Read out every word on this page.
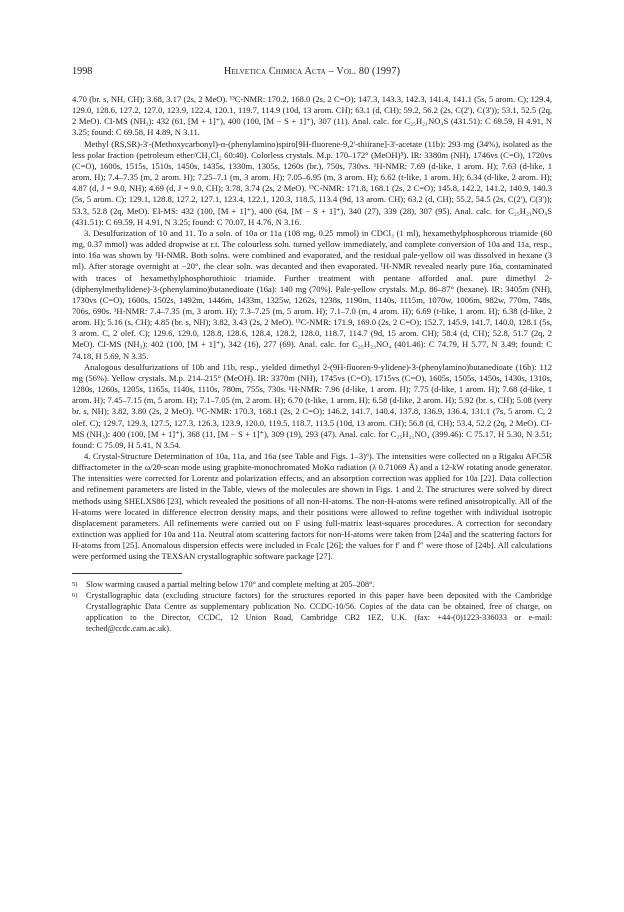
1998	Helvetica Chimica Acta – Vol. 80 (1997)

4.70 (br. s, NH, CH); 3.68, 3.17 (2s, 2 MeO). ¹³C-NMR: 170.2, 168.0 (2s, 2 C=O); 147.3, 143.3, 142.3, 141.4, 141.1 (5s, 5 arom. C); 129.4, 129.0, 128.6, 127.2, 127.0, 123.9, 122.4, 120.1, 119.7, 114.9 (10d, 13 arom. CH); 63.1 (d, CH); 59.2, 56.2 (2s, C(2'), C(3')); 53.1, 52.5 (2q, 2 MeO). CI-MS (NH₃): 432 (61, [M + 1]⁺), 400 (100, [M − S + 1]⁺), 307 (11). Anal. calc. for C₂₅H₂₁NO₄S (431.51): C 69.59, H 4.91, N 3.25; found: C 69.58, H 4.89, N 3.11.

Methyl (RS,SR)-3'-(Methoxycarbonyl)-α-(phenylamino)spiro[9H-fluorene-9,2'-thiirane]-3'-acetate (11b): 293 mg (34%), isolated as the less polar fraction (petroleum ether/CH₂Cl₂ 60:40). Colorless crystals. M.p. 170–172° (MeOH)⁵). IR: 3380m (NH), 1746vs (C=O), 1720vs (C=O), 1600s, 1515s, 1510s, 1450s, 1435s, 1330m, 1305s, 1260s (br.), 750s, 730vs. ¹H-NMR: 7.69 (d-like, 1 arom. H); 7.63 (d-like, 1 arom. H); 7.4–7.35 (m, 2 arom. H); 7.25–7.1 (m, 3 arom. H); 7.05–6.95 (m, 3 arom. H); 6.62 (t-like, 1 arom. H); 6.34 (d-like, 2 arom. H); 4.87 (d, J = 9.0, NH); 4.69 (d, J = 9.0, CH); 3.78, 3.74 (2s, 2 MeO). ¹³C-NMR: 171.8, 168.1 (2s, 2 C=O); 145.8, 142.2, 141.2, 140.9, 140.3 (5s, 5 arom. C); 129.1, 128.8, 127.2, 127.1, 123.4, 122.1, 120.3, 118.5, 113.4 (9d, 13 arom. CH); 63.2 (d, CH); 55.2, 54.5 (2s, C(2'), C(3')); 53.3, 52.8 (2q, MeO). EI-MS: 432 (100, [M + 1]⁺), 400 (64, [M − S + 1]⁺), 340 (27), 339 (28), 307 (95). Anal. calc. for C₂₅H₂₁NO₄S (431.51): C 69.59, H 4.91, N 3.25; found: C 70.07, H 4.76, N 3.16.

3. Desulfurization of 10 and 11. To a soln. of 10a or 11a (108 mg, 0.25 mmol) in CDCl₃ (1 ml), hexamethylphosphorous triamide (60 mg, 0.37 mmol) was added dropwise at r.t. The colourless soln. turned yellow immediately, and complete conversion of 10a and 11a, resp., into 16a was shown by ¹H-NMR. Both solns. were combined and evaporated, and the residual pale-yellow oil was dissolved in hexane (3 ml). After storage overnight at −20°, the clear soln. was decanted and then evaporated. ¹H-NMR revealed nearly pure 16a, contaminated with traces of hexamethylphosphorothioic triamide. Further treatment with pentane afforded anal. pure dimethyl 2-(diphenylmethylidene)-3-(phenylamino)butanedioate (16a): 140 mg (70%). Pale-yellow crystals. M.p. 86–87° (hexane). IR: 3405m (NH), 1730vs (C=O), 1600s, 1502s, 1492m, 1446m, 1433m, 1325w, 1262s, 1238s, 1190m, 1140s, 1115m, 1070w, 1006m, 982w, 770m, 748s, 706s, 690s. ¹H-NMR: 7.4–7.35 (m, 3 arom. H); 7.3–7.25 (m, 5 arom. H); 7.1–7.0 (m, 4 arom. H); 6.69 (t-like, 1 arom. H); 6.38 (d-like, 2 arom. H); 5.16 (s, CH); 4.85 (br. s, NH); 3.82, 3.43 (2s, 2 MeO). ¹³C-NMR: 171.9, 169.0 (2s, 2 C=O); 152.7, 145.9, 141.7, 140.0, 128.1 (5s, 3 arom. C, 2 olef. C); 129.6, 129.0, 128.8, 128.6, 128.4, 128.2, 128.0, 118.7, 114.7 (9d, 15 arom. CH); 58.4 (d, CH); 52.8, 51.7 (2q, 2 MeO). CI-MS (NH₃): 402 (100, [M + 1]⁺), 342 (16), 277 (69). Anal. calc. for C₂₅H₂₃NO₄ (401.46): C 74.79, H 5.77, N 3.49; found: C 74.18, H 5.69, N 3.35.

Analogous desulfurizations of 10b and 11b, resp., yielded dimethyl 2-(9H-fluoren-9-ylidene)-3-(phenylamino)butanedioate (16b): 112 mg (56%). Yellow crystals. M.p. 214–215° (MeOH). IR: 3370m (NH), 1745vs (C=O), 1715vs (C=O), 1605s, 1505s, 1450s, 1430s, 1310s, 1280s, 1260s, 1205s, 1165s, 1140s, 1110s, 780m, 755s, 730s. ¹H-NMR: 7.96 (d-like, 1 arom. H); 7.75 (d-like, 1 arom. H); 7.68 (d-like, 1 arom. H); 7.45–7.15 (m, 5 arom. H); 7.1–7.05 (m, 2 arom. H); 6.70 (t-like, 1 arom. H); 6.58 (d-like, 2 arom. H); 5.92 (br. s, CH); 5.08 (very br. s, NH); 3.82, 3.80 (2s, 2 MeO). ¹³C-NMR: 170.3, 168.1 (2s, 2 C=O); 146.2, 141.7, 140.4, 137.8, 136.9, 136.4, 131.1 (7s, 5 arom. C, 2 olef. C); 129.7, 129.3, 127.5, 127.3, 126.3, 123.9, 120.0, 119.5, 118.7, 113.5 (10d, 13 arom. CH); 56.8 (d, CH); 53.4, 52.2 (2q, 2 MeO). CI-MS (NH₃): 400 (100, [M + 1]⁺), 368 (11, [M − S + 1]⁺), 309 (19), 293 (47). Anal. calc. for C₂₅H₂₁NO₄ (399.46): C 75.17, H 5.30, N 3.51; found: C 75.09, H 5.41, N 3.54.

4. Crystal-Structure Determination of 10a, 11a, and 16a (see Table and Figs. 1–3)⁶). The intensities were collected on a Rigaku AFC5R diffractometer in the ω/2θ-scan mode using graphite-monochromated MoKα radiation (λ 0.71069 Å) and a 12-kW rotating anode generator. The intensities were corrected for Lorentz and polarization effects, and an absorption correction was applied for 10a [22]. Data collection and refinement parameters are listed in the Table, views of the molecules are shown in Figs. 1 and 2. The structures were solved by direct methods using SHELXS86 [23], which revealed the positions of all non-H-atoms. The non-H-atoms were refined anisotropically. All of the H-atoms were located in difference electron density maps, and their positions were allowed to refine together with individual isotropic displacement parameters. All refinements were carried out on F using full-matrix least-squares procedures. A correction for secondary extinction was applied for 10a and 11a. Neutral atom scattering factors for non-H-atoms were taken from [24a] and the scattering factors for H-atoms from [25]. Anomalous dispersion effects were included in Fcalc [26]; the values for f′ and f″ were those of [24b]. All calculations were performed using the TEXSAN crystallographic software package [27].

5)	Slow warming caused a partial melting below 170° and complete melting at 205–208°.
6)	Crystallographic data (excluding structure factors) for the structures reported in this paper have been deposited with the Cambridge Crystallographic Data Centre as supplementary publication No. CCDC-10/56. Copies of the data can be obtained, free of charge, on application to the Director, CCDC, 12 Union Road, Cambridge CB2 1EZ, U.K. (fax: +44-(0)1223-336033 or e-mail: teched@ccdc.cam.ac.uk).
